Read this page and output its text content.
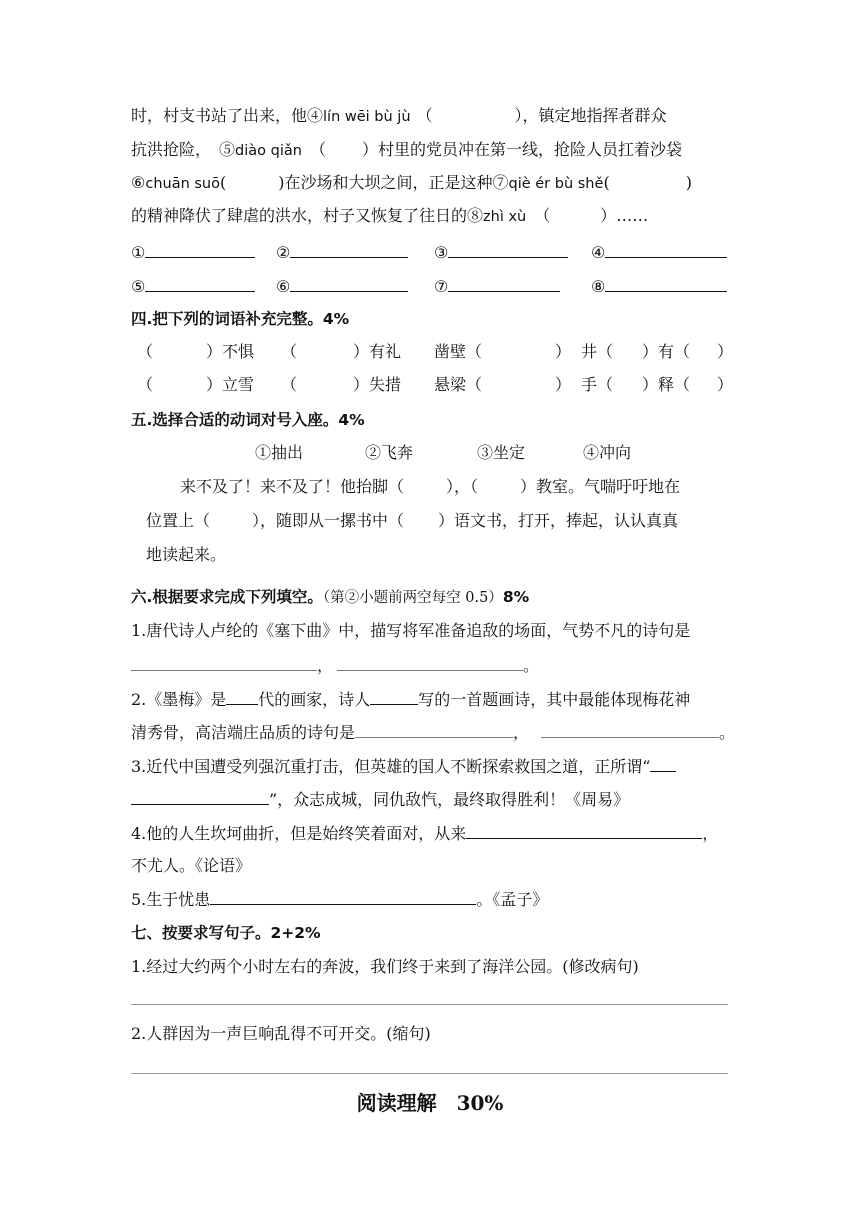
时，村支书站了出来，他④lín wēi bù jù （	），镇定地指挥者群众
抗洪抢险，　⑤diào qiǎn （ ）村里的党员冲在第一线，抢险人员扛着沙袋
⑥chuān suō(	)在沙场和大坝之间，正是这种⑦qiè ér bù shě(	)
的精神降伏了肆虐的洪水，村子又恢复了往日的⑧zhì xù （	）……
①	②	③	④
⑤	⑥	⑦	⑧
四.把下列的词语补充完整。4%
（	）不惧 （	）有礼 凿壁（	） 井（ ）有（ ）
（	）立雪 （	）失措 悬梁（	） 手（ ）释（ ）
五.选择合适的动词对号入座。4%
①抽出	②飞奔	③坐定	④冲向
来不及了！来不及了！他抬脚（	），（	）教室。气喘吁吁地在
位置上（	），随即从一摞书中（ ）语文书，打开，捧起，认认真真
地读起来。
六.根据要求完成下列填空。（第②小题前两空每空 0.5）8%
1.唐代诗人卢纶的《塞下曲》中，描写将军准备追敌的场面，气势不凡的诗句是
，	。
2.《墨梅》是 代的画家，诗人	写的一首题画诗，其中最能体现梅花神
清秀骨，高洁端庄品质的诗句是	，	。
3.近代中国遭受列强沉重打击，但英雄的国人不断探索救国之道，正所谓“
”，众志成城，同仇敌忾，最终取得胜利！《周易》
4.他的人生坎坷曲折，但是始终笑着面对，从来	，
不尤人。《论语》
5.生于忧患	。《孟子》
七、按要求写句子。2+2%
1.经过大约两个小时左右的奔波，我们终于来到了海洋公园。(修改病句)
2.人群因为一声巨响乱得不可开交。(缩句)
阅读理解　30%
